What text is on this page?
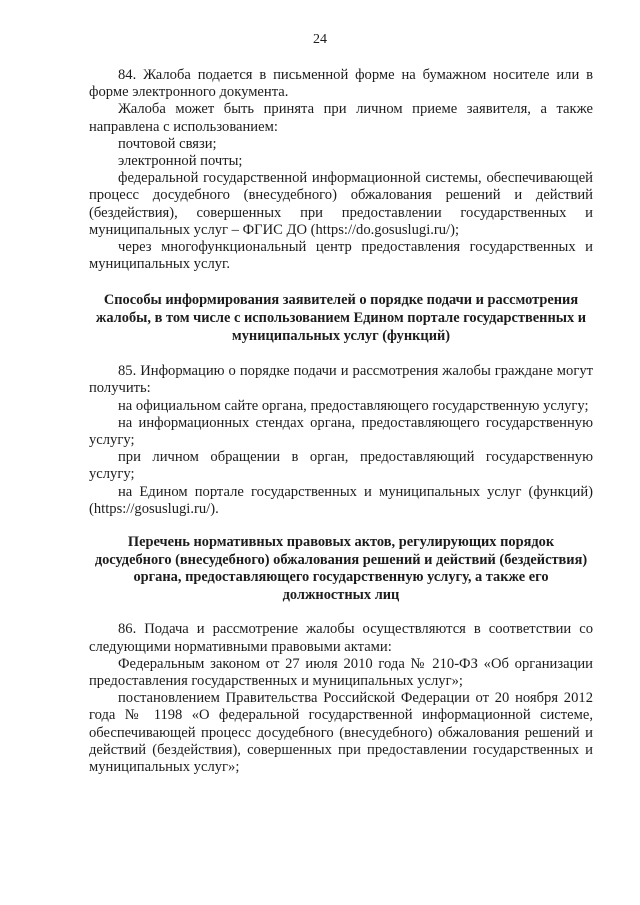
24

84. Жалоба подается в письменной форме на бумажном носителе или в форме электронного документа.

Жалоба может быть принята при личном приеме заявителя, а также направлена с использованием:

почтовой связи;

электронной почты;

федеральной государственной информационной системы, обеспечивающей процесс досудебного (внесудебного) обжалования решений и действий (бездействия), совершенных при предоставлении государственных и муниципальных услуг – ФГИС ДО (https://do.gosuslugi.ru/);

через многофункциональный центр предоставления государственных и муниципальных услуг.

Способы информирования заявителей о порядке подачи и рассмотрения жалобы, в том числе с использованием Едином портале государственных и муниципальных услуг (функций)

85. Информацию о порядке подачи и рассмотрения жалобы граждане могут получить:

на официальном сайте органа, предоставляющего государственную услугу;

на информационных стендах органа, предоставляющего государственную услугу;

при личном обращении в орган, предоставляющий государственную услугу;

на Едином портале государственных и муниципальных услуг (функций) (https://gosuslugi.ru/).

Перечень нормативных правовых актов, регулирующих порядок досудебного (внесудебного) обжалования решений и действий (бездействия) органа, предоставляющего государственную услугу, а также его должностных лиц

86. Подача и рассмотрение жалобы осуществляются в соответствии со следующими нормативными правовыми актами:

Федеральным законом от 27 июля 2010 года № 210-ФЗ «Об организации предоставления государственных и муниципальных услуг»;

постановлением Правительства Российской Федерации от 20 ноября 2012 года № 1198 «О федеральной государственной информационной системе, обеспечивающей процесс досудебного (внесудебного) обжалования решений и действий (бездействия), совершенных при предоставлении государственных и муниципальных услуг»;
